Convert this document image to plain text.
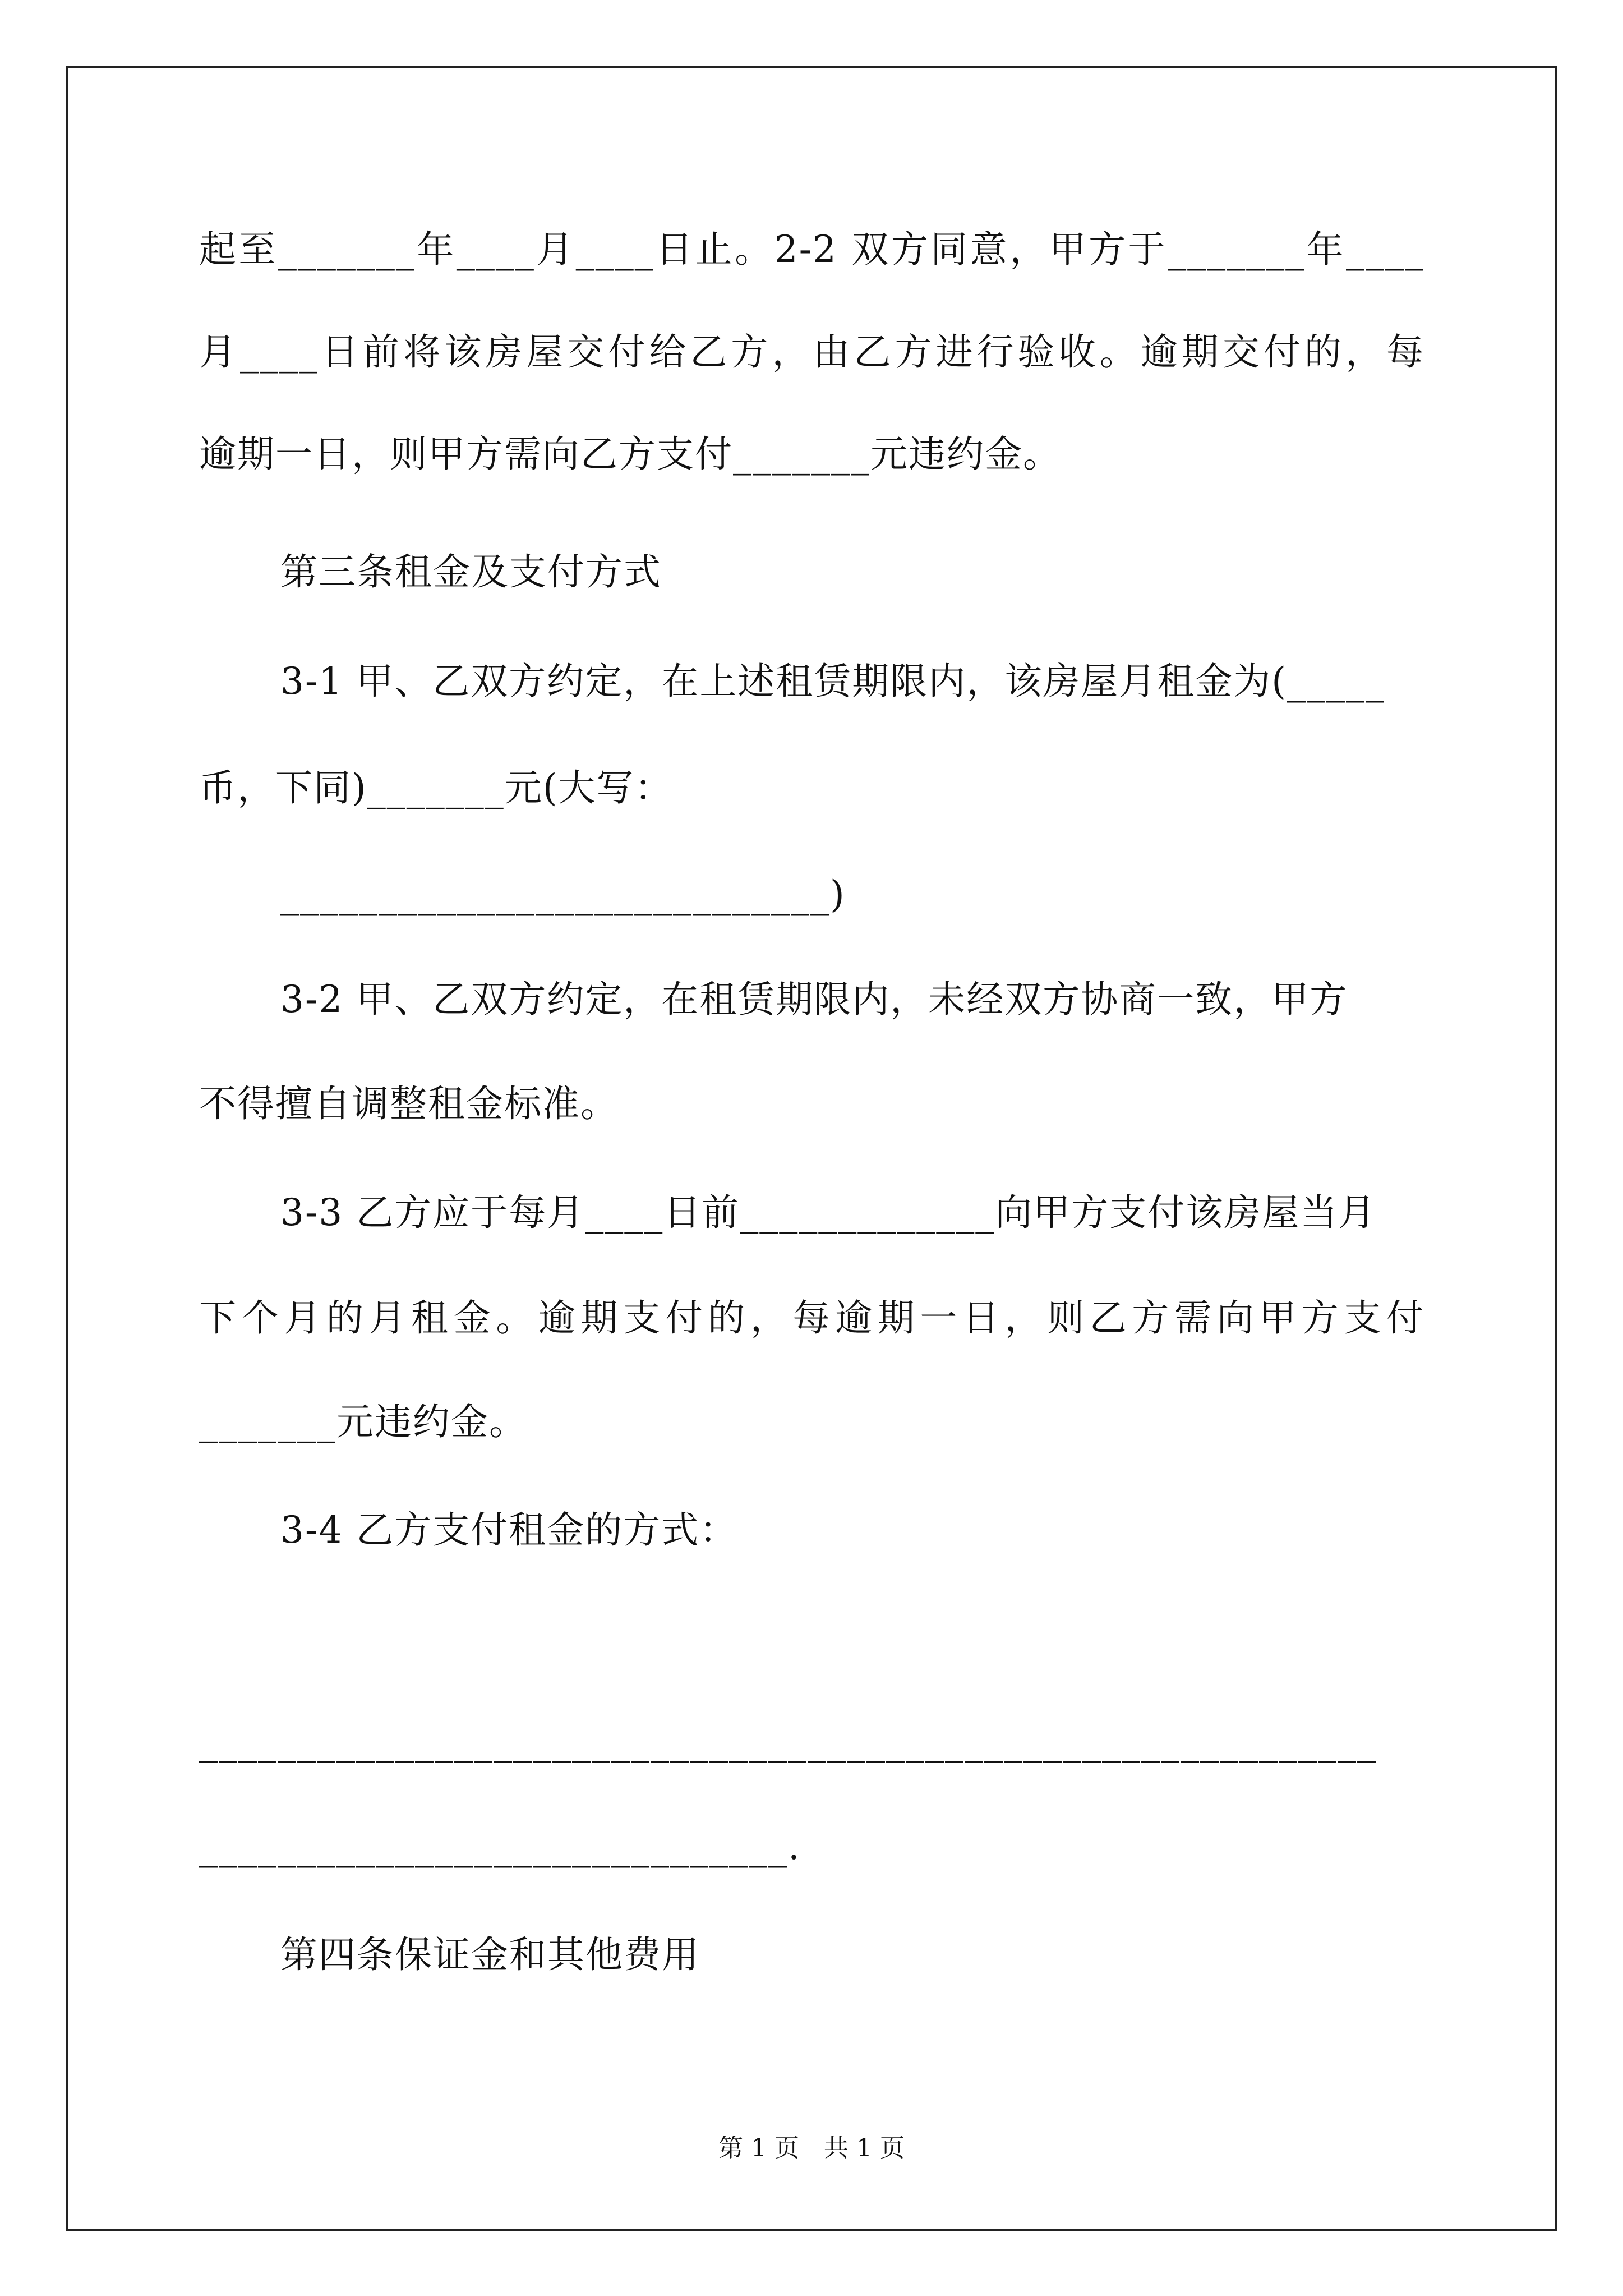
起至_______年____月____日止。2-2 双方同意，甲方于_______年____
月____日前将该房屋交付给乙方，由乙方进行验收。逾期交付的，每
逾期一日，则甲方需向乙方支付_______元违约金。
第三条租金及支付方式
3-1 甲、乙双方约定，在上述租赁期限内，该房屋月租金为(_____
币，下同)_______元(大写：
____________________________)
3-2 甲、乙双方约定，在租赁期限内，未经双方协商一致，甲方
不得擅自调整租金标准。
3-3 乙方应于每月____日前_____________向甲方支付该房屋当月
下个月的月租金。逾期支付的，每逾期一日，则乙方需向甲方支付
_______元违约金。
3-4 乙方支付租金的方式：
____________________________________________________________
______________________________.
第四条保证金和其他费用
第 1 页　共 1 页
